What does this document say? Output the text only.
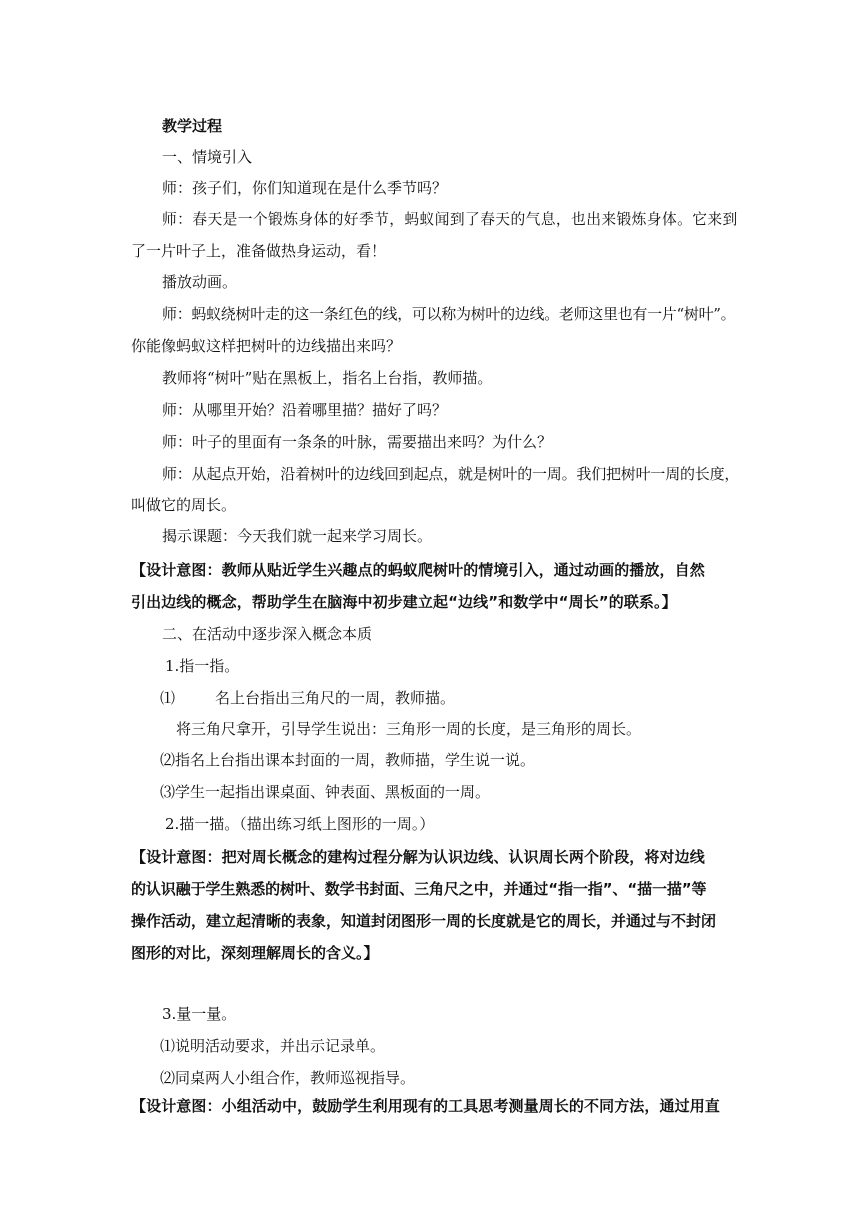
教学过程
一、情境引入
师：孩子们，你们知道现在是什么季节吗？
师：春天是一个锻炼身体的好季节，蚂蚁闻到了春天的气息，也出来锻炼身体。它来到
了一片叶子上，准备做热身运动，看！
播放动画。
师：蚂蚁绕树叶走的这一条红色的线，可以称为树叶的边线。老师这里也有一片“树叶”。
你能像蚂蚁这样把树叶的边线描出来吗？
教师将“树叶”贴在黑板上，指名上台指，教师描。
师：从哪里开始？沿着哪里描？描好了吗？
师：叶子的里面有一条条的叶脉，需要描出来吗？为什么？
师：从起点开始，沿着树叶的边线回到起点，就是树叶的一周。我们把树叶一周的长度，
叫做它的周长。
揭示课题：今天我们就一起来学习周长。
【设计意图：教师从贴近学生兴趣点的蚂蚁爬树叶的情境引入，通过动画的播放，自然
引出边线的概念，帮助学生在脑海中初步建立起“边线”和数学中“周长”的联系。】
二、在活动中逐步深入概念本质
1.指一指。
⑴	名上台指出三角尺的一周，教师描。
将三角尺拿开，引导学生说出：三角形一周的长度，是三角形的周长。
⑵指名上台指出课本封面的一周，教师描，学生说一说。
⑶学生一起指出课桌面、钟表面、黑板面的一周。
2.描一描。（描出练习纸上图形的一周。）
【设计意图：把对周长概念的建构过程分解为认识边线、认识周长两个阶段，将对边线
的认识融于学生熟悉的树叶、数学书封面、三角尺之中，并通过“指一指”、“描一描”等
操作活动，建立起清晰的表象，知道封闭图形一周的长度就是它的周长，并通过与不封闭
图形的对比，深刻理解周长的含义。】
3.量一量。
⑴说明活动要求，并出示记录单。
⑵同桌两人小组合作，教师巡视指导。
【设计意图：小组活动中，鼓励学生利用现有的工具思考测量周长的不同方法，通过用直
